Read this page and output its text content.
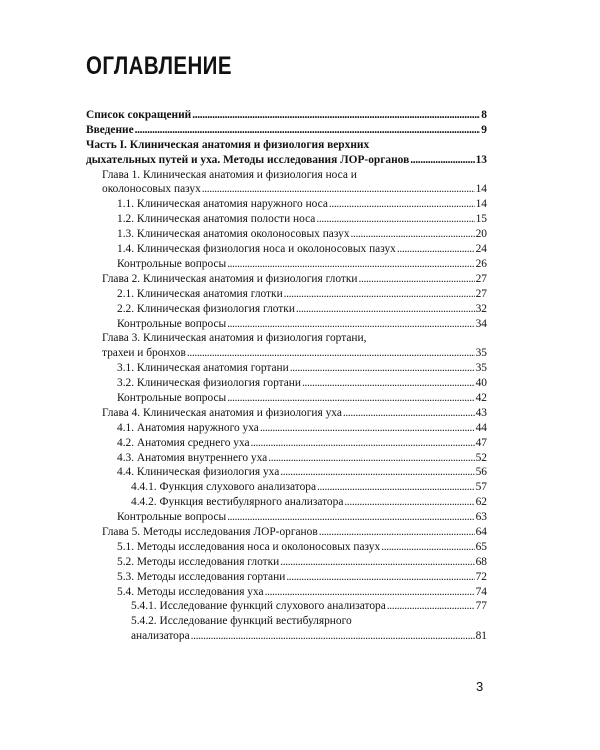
ОГЛАВЛЕНИЕ
Список сокращений . . .	8
Введение . . .	9
Часть I. Клиническая анатомия и физиология верхних
дыхательных путей и уха. Методы исследования ЛОР-органов . . .	13
Глава 1. Клиническая анатомия и физиология носа и
околоносовых пазух . . .	14
1.1. Клиническая анатомия наружного носа . . .	14
1.2. Клиническая анатомия полости носа . . .	15
1.3. Клиническая анатомия околоносовых пазух . . .	20
1.4. Клиническая физиология носа и околоносовых пазух . . .	24
Контрольные вопросы . . .	26
Глава 2. Клиническая анатомия и физиология глотки . . .	27
2.1. Клиническая анатомия глотки . . .	27
2.2. Клиническая физиология глотки . . .	32
Контрольные вопросы . . .	34
Глава 3. Клиническая анатомия и физиология гортани,
трахеи и бронхов . . .	35
3.1. Клиническая анатомия гортани . . .	35
3.2. Клиническая физиология гортани . . .	40
Контрольные вопросы . . .	42
Глава 4. Клиническая анатомия и физиология уха . . .	43
4.1. Анатомия наружного уха . . .	44
4.2. Анатомия среднего уха . . .	47
4.3. Анатомия внутреннего уха . . .	52
4.4. Клиническая физиология уха . . .	56
4.4.1. Функция слухового анализатора . . .	57
4.4.2. Функция вестибулярного анализатора . . .	62
Контрольные вопросы . . .	63
Глава 5. Методы исследования ЛОР-органов . . .	64
5.1. Методы исследования носа и околоносовых пазух . . .	65
5.2. Методы исследования глотки . . .	68
5.3. Методы исследования гортани . . .	72
5.4. Методы исследования уха . . .	74
5.4.1. Исследование функций слухового анализатора . . .	77
5.4.2. Исследование функций вестибулярного
анализатора . . .	81
3
